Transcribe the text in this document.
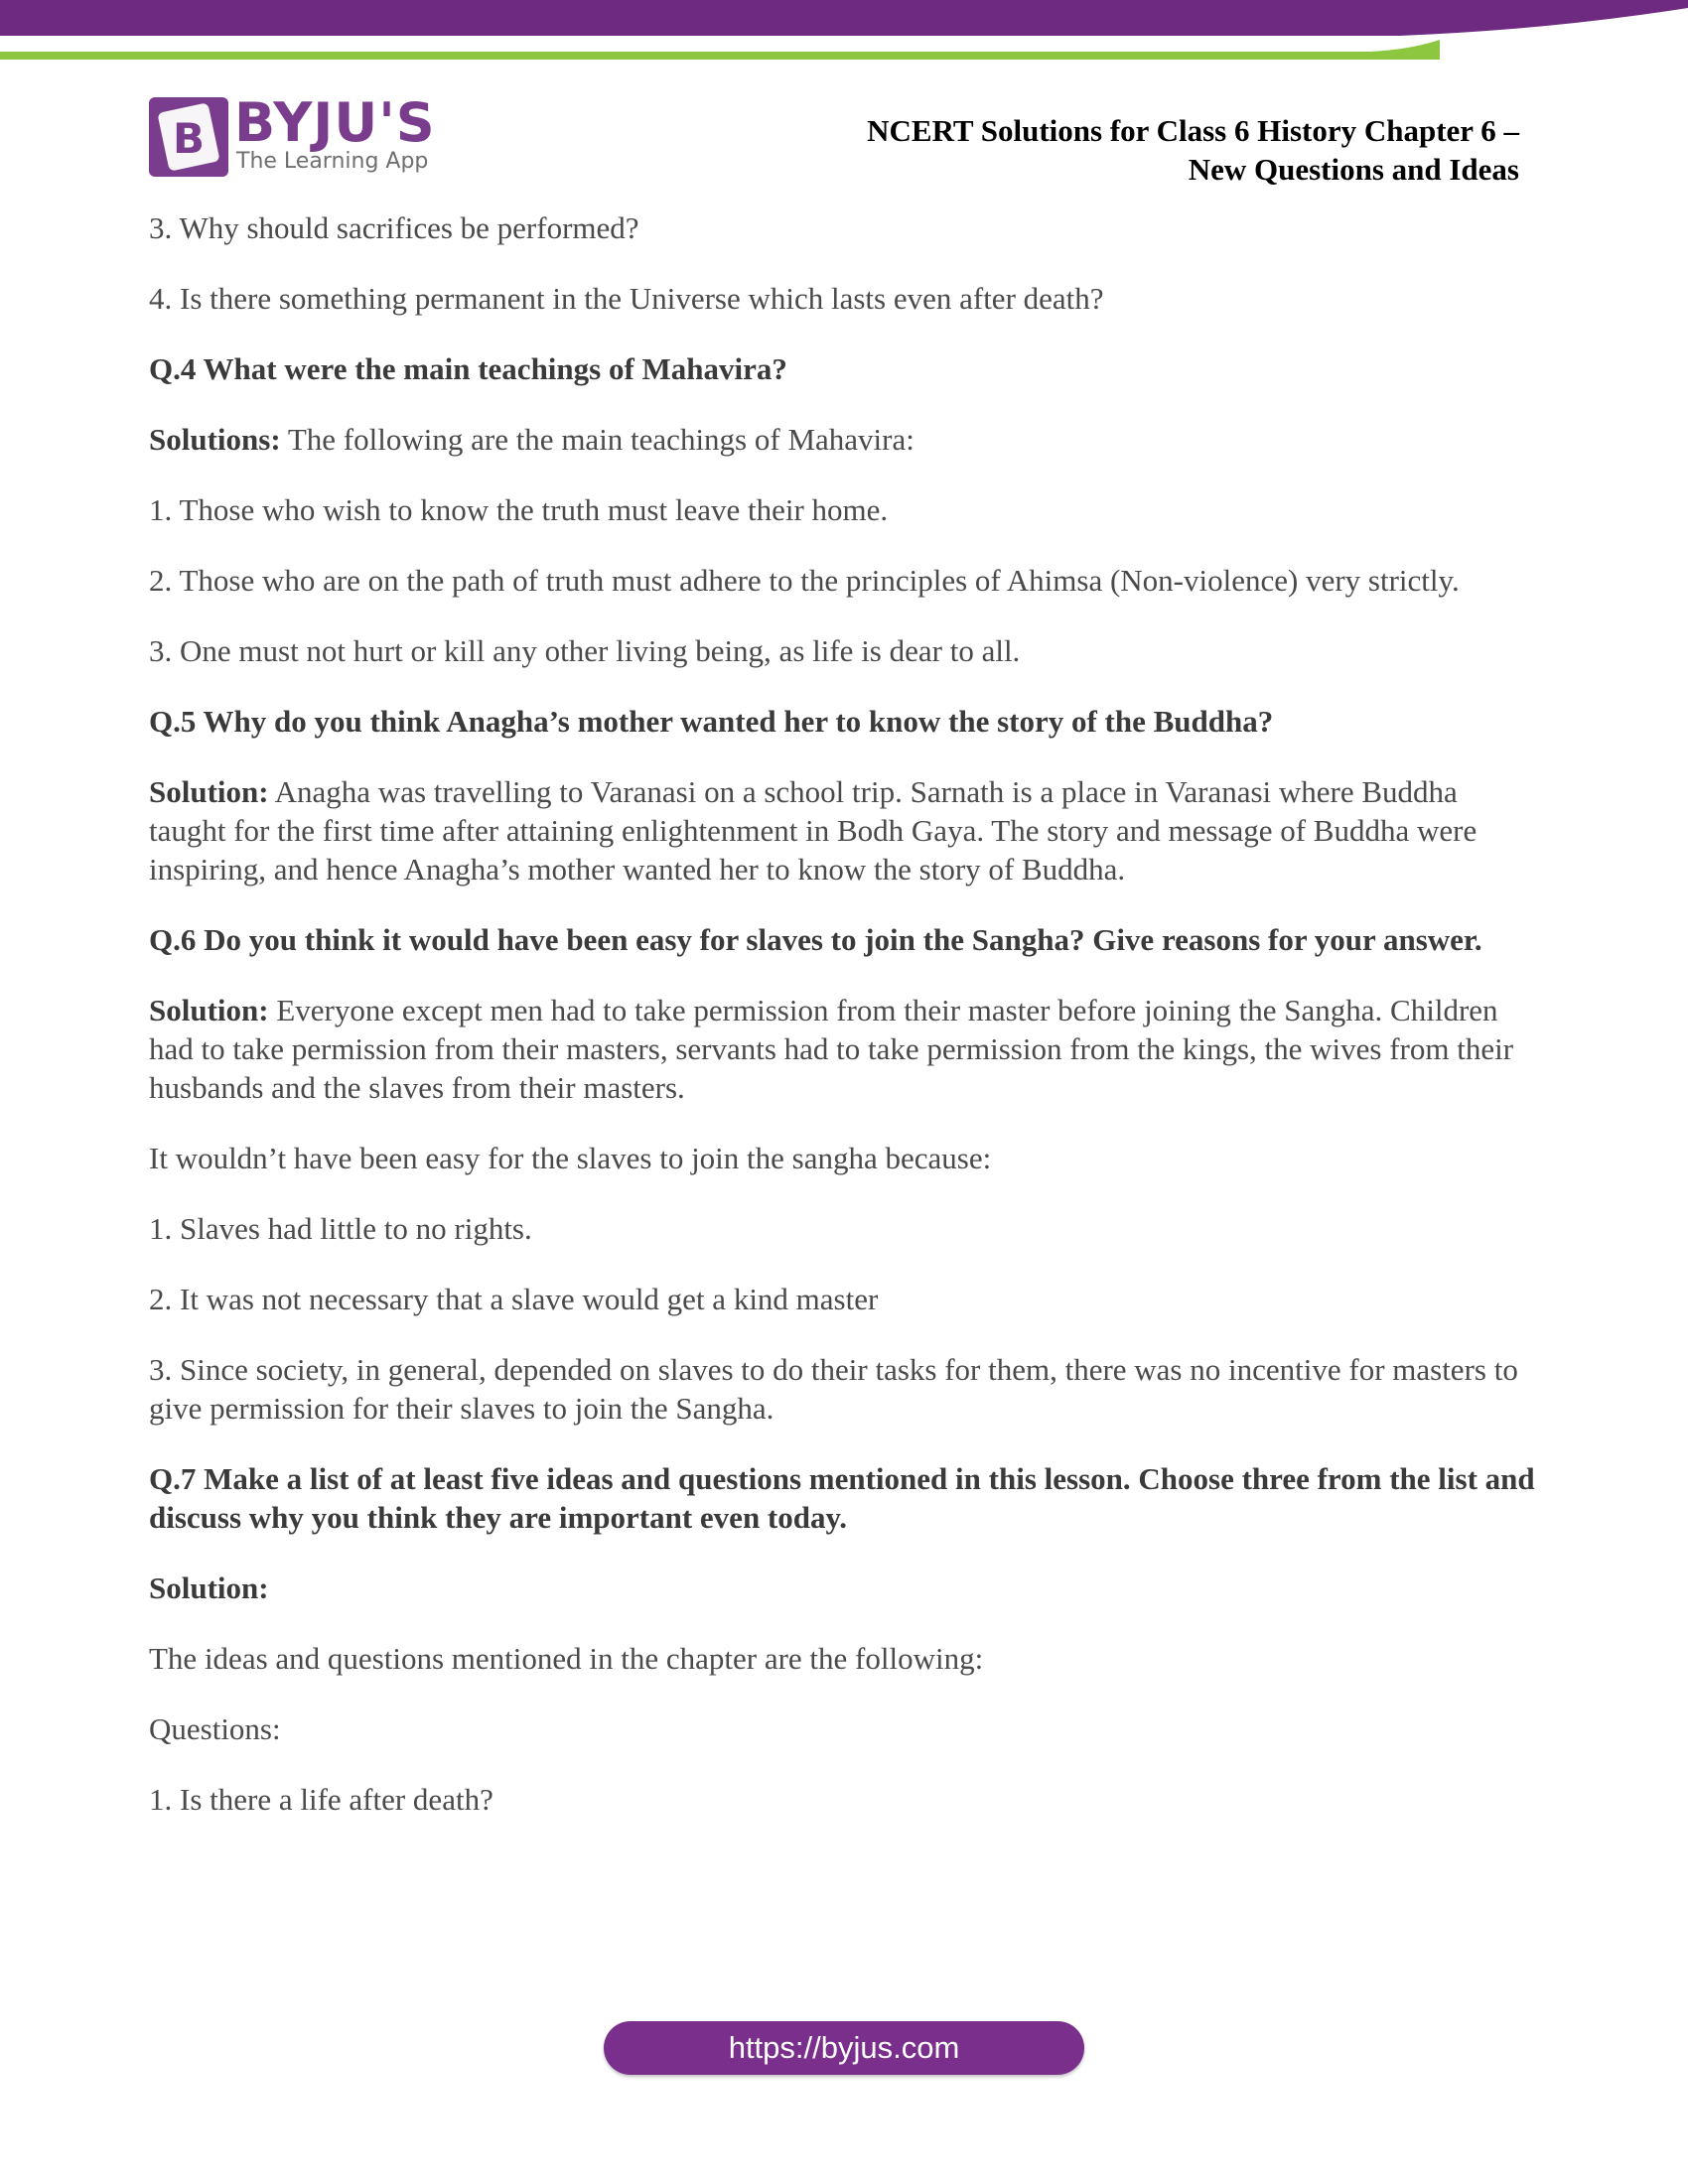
B BYJU'S
The Learning App
NCERT Solutions for Class 6 History Chapter 6 –
New Questions and Ideas

3. Why should sacrifices be performed?

4. Is there something permanent in the Universe which lasts even after death?

Q.4 What were the main teachings of Mahavira?

Solutions: The following are the main teachings of Mahavira:

1. Those who wish to know the truth must leave their home.

2. Those who are on the path of truth must adhere to the principles of Ahimsa (Non-violence) very strictly.

3. One must not hurt or kill any other living being, as life is dear to all.

Q.5 Why do you think Anagha’s mother wanted her to know the story of the Buddha?

Solution: Anagha was travelling to Varanasi on a school trip. Sarnath is a place in Varanasi where Buddha taught for the first time after attaining enlightenment in Bodh Gaya. The story and message of Buddha were inspiring, and hence Anagha’s mother wanted her to know the story of Buddha.

Q.6 Do you think it would have been easy for slaves to join the Sangha? Give reasons for your answer.

Solution: Everyone except men had to take permission from their master before joining the Sangha. Children had to take permission from their masters, servants had to take permission from the kings, the wives from their husbands and the slaves from their masters.

It wouldn’t have been easy for the slaves to join the sangha because:

1. Slaves had little to no rights.

2. It was not necessary that a slave would get a kind master

3. Since society, in general, depended on slaves to do their tasks for them, there was no incentive for masters to give permission for their slaves to join the Sangha.

Q.7 Make a list of at least five ideas and questions mentioned in this lesson. Choose three from the list and discuss why you think they are important even today.

Solution:

The ideas and questions mentioned in the chapter are the following:

Questions:

1. Is there a life after death?

https://byjus.com
